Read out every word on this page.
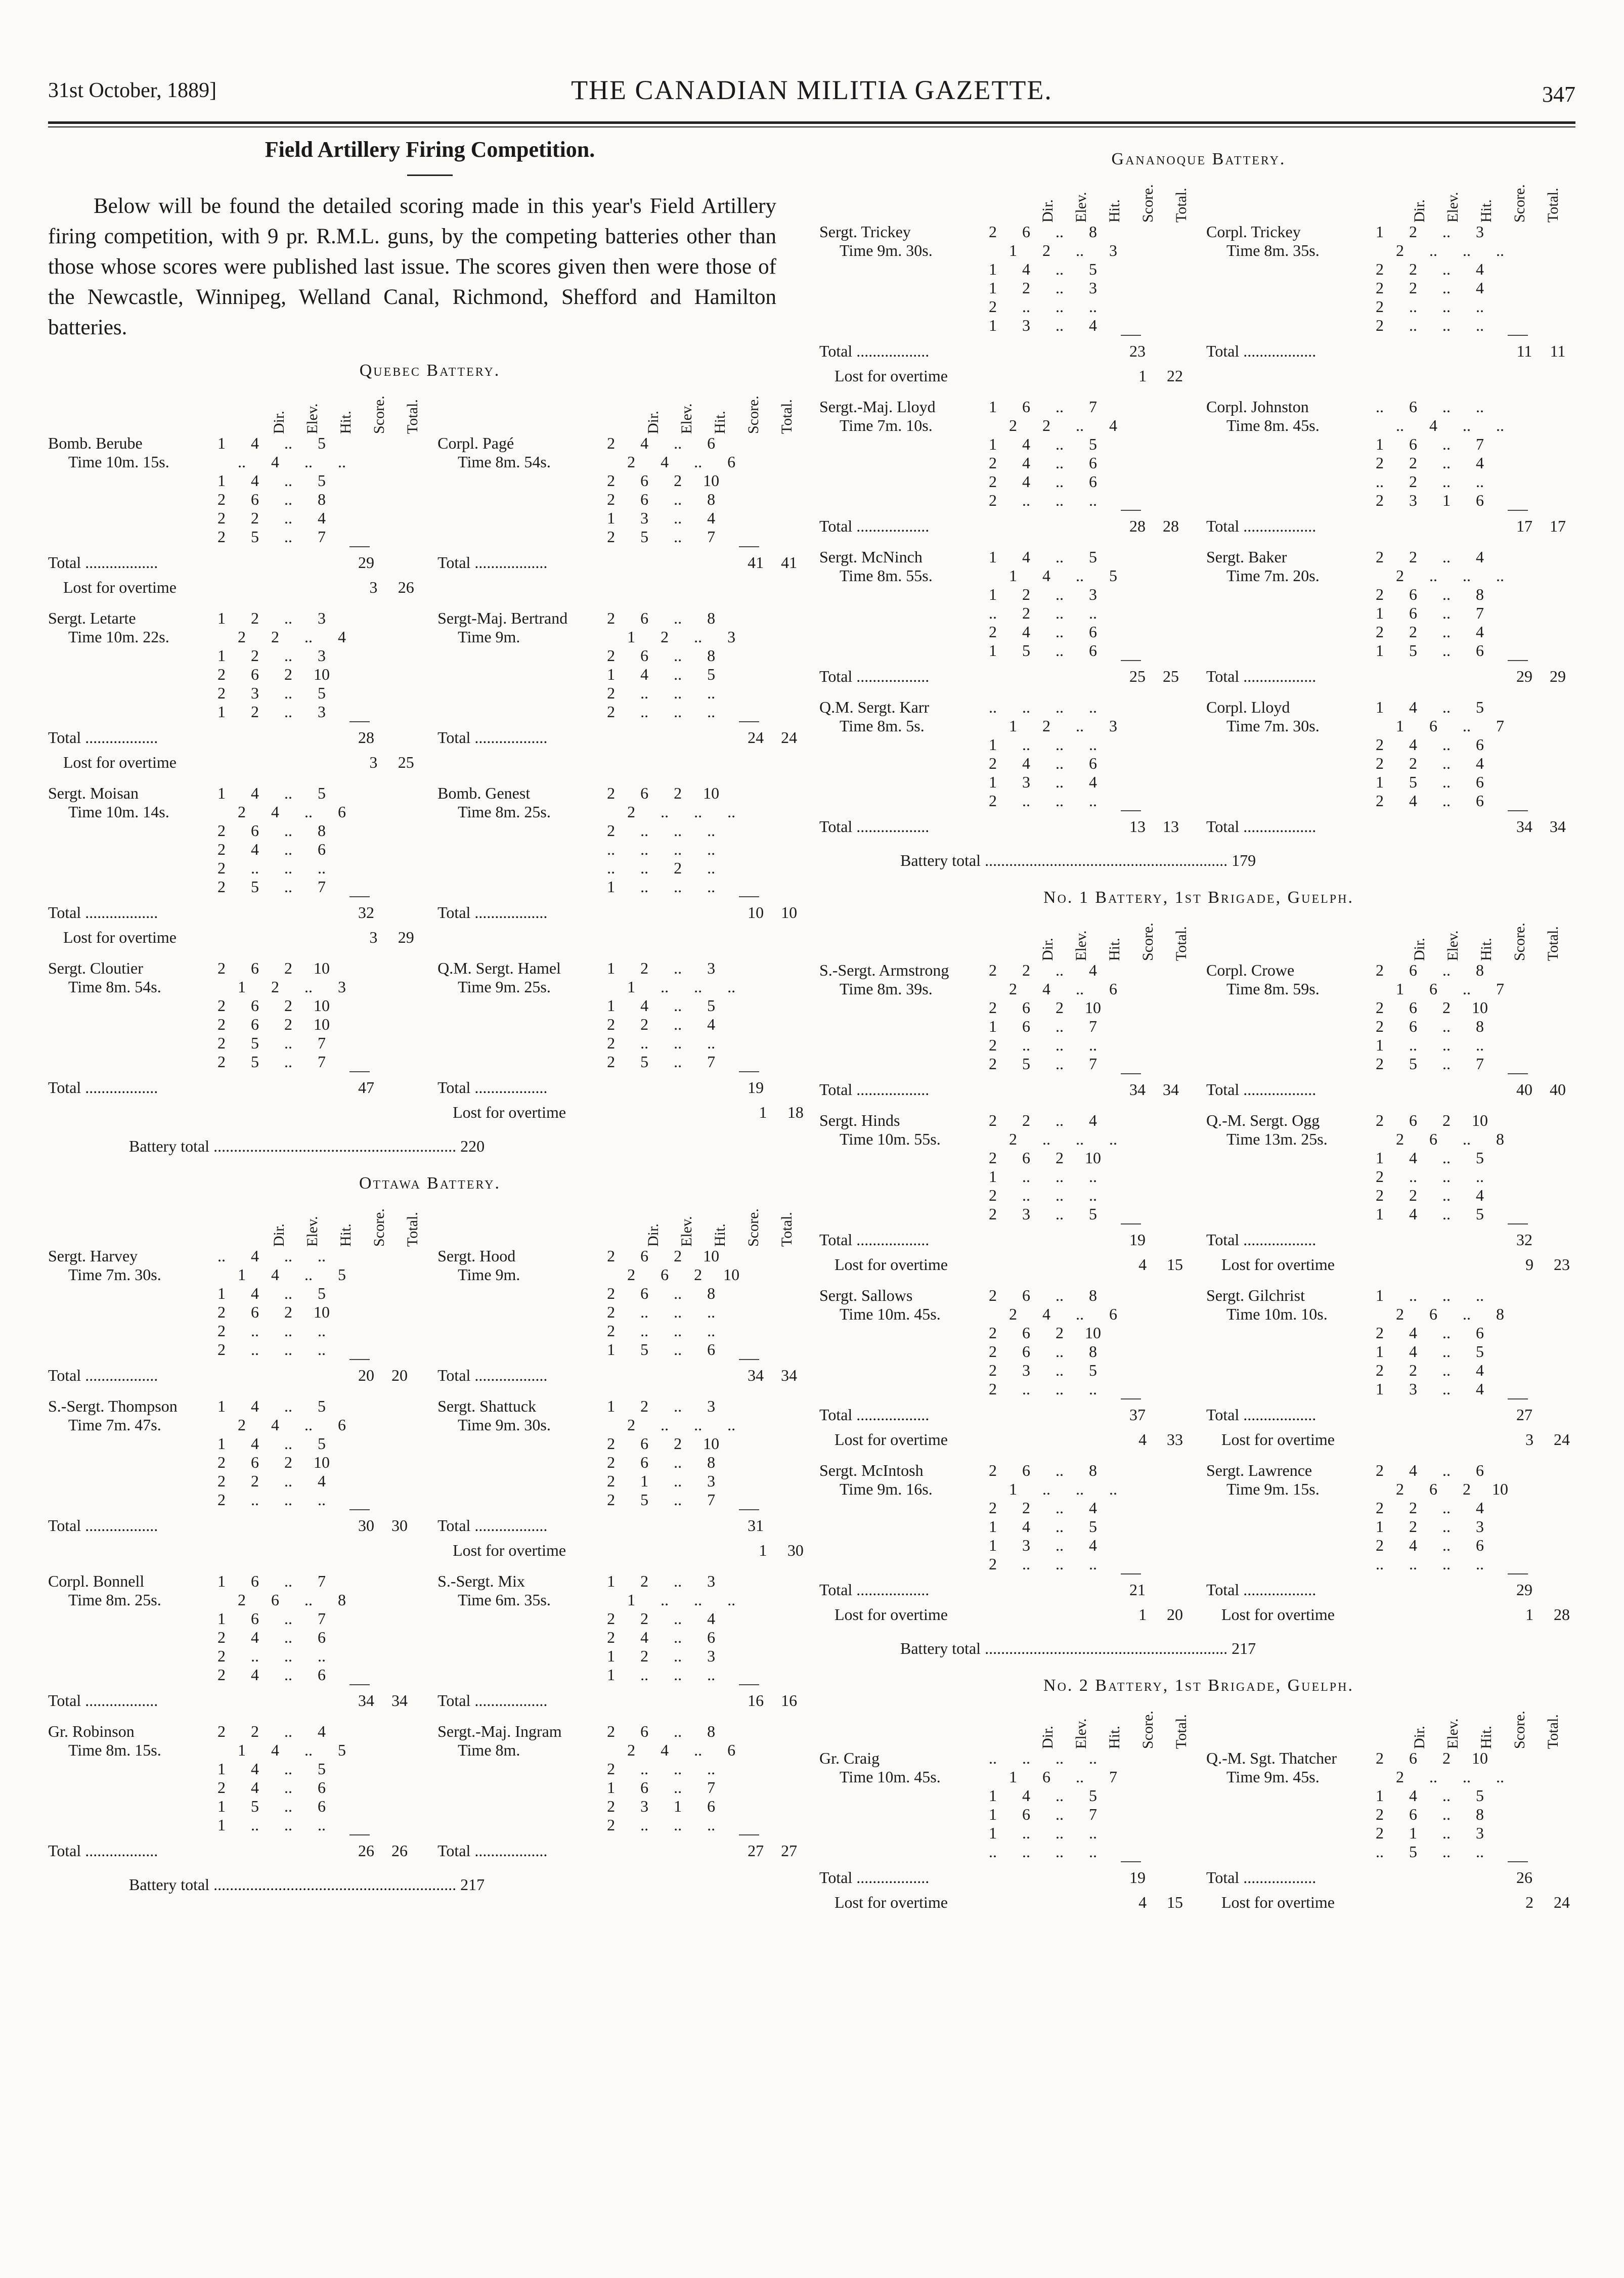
31st October, 1889]	THE CANADIAN MILITIA GAZETTE.	347
Field Artillery Firing Competition.

Below will be found the detailed scoring made in this year's Field Artillery firing competition, with 9 pr. R.M.L. guns, by the competing batteries other than those whose scores were published last issue. The scores given then were those of the Newcastle, Winnipeg, Welland Canal, Richmond, Shefford and Hamilton batteries.

Quebec Battery.
Dir.	Elev.	Hit.	Score.	Total.	Dir.	Elev.	Hit.	Score.	Total.
Bomb. Berube	1	4	..	5
Time 10m. 15s.	..	4	..	..
1	4	..	5
2	6	..	8
2	2	..	4
2	5	..	7
Total ..................	29
Lost for overtime	3	26
Corpl. Pagé	2	4	..	6
Time 8m. 54s.	2	4	..	6
2	6	2	10
2	6	..	8
1	3	..	4
2	5	..	7
Total ..................	41	41
Sergt. Letarte	1	2	..	3
Time 10m. 22s.	2	2	..	4
1	2	..	3
2	6	2	10
2	3	..	5
1	2	..	3
Total ..................	28
Lost for overtime	3	25
Sergt-Maj. Bertrand	2	6	..	8
Time 9m.	1	2	..	3
2	6	..	8
1	4	..	5
2	..	..	..
2	..	..	..
Total ..................	24	24
Sergt. Moisan	1	4	..	5
Time 10m. 14s.	2	4	..	6
2	6	..	8
2	4	..	6
2	..	..	..
2	5	..	7
Total ..................	32
Lost for overtime	3	29
Bomb. Genest	2	6	2	10
Time 8m. 25s.	2	..	..	..
2	..	..	..
..	..	..	..
..	..	2	..
1	..	..	..
Total ..................	10	10
Sergt. Cloutier	2	6	2	10
Time 8m. 54s.	1	2	..	3
2	6	2	10
2	6	2	10
2	5	..	7
2	5	..	7
Total ..................	47
Q.M. Sergt. Hamel	1	2	..	3
Time 9m. 25s.	1	..	..	..
1	4	..	5
2	2	..	4
2	..	..	..
2	5	..	7
Total ..................	19
Lost for overtime	1	18
Battery total ............................................................ 220
Ottawa Battery.
Dir.	Elev.	Hit.	Score.	Total.	Dir.	Elev.	Hit.	Score.	Total.
Sergt. Harvey	..	4	..	..
Time 7m. 30s.	1	4	..	5
1	4	..	5
2	6	2	10
2	..	..	..
2	..	..	..
Total ..................	20	20
Sergt. Hood	2	6	2	10
Time 9m.	2	6	2	10
2	6	..	8
2	..	..	..
2	..	..	..
1	5	..	6
Total ..................	34	34
S.-Sergt. Thompson	1	4	..	5
Time 7m. 47s.	2	4	..	6
1	4	..	5
2	6	2	10
2	2	..	4
2	..	..	..
Total ..................	30	30
Sergt. Shattuck	1	2	..	3
Time 9m. 30s.	2	..	..	..
2	6	2	10
2	6	..	8
2	1	..	3
2	5	..	7
Total ..................	31
Lost for overtime	1	30
Corpl. Bonnell	1	6	..	7
Time 8m. 25s.	2	6	..	8
1	6	..	7
2	4	..	6
2	..	..	..
2	4	..	6
Total ..................	34	34
S.-Sergt. Mix	1	2	..	3
Time 6m. 35s.	1	..	..	..
2	2	..	4
2	4	..	6
1	2	..	3
1	..	..	..
Total ..................	16	16
Gr. Robinson	2	2	..	4
Time 8m. 15s.	1	4	..	5
1	4	..	5
2	4	..	6
1	5	..	6
1	..	..	..
Total ..................	26	26
Sergt.-Maj. Ingram	2	6	..	8
Time 8m.	2	4	..	6
2	..	..	..
1	6	..	7
2	3	1	6
2	..	..	..
Total ..................	27	27
Battery total ............................................................ 217
Gananoque Battery.
Dir.	Elev.	Hit.	Score.	Total.	Dir.	Elev.	Hit.	Score.	Total.
Sergt. Trickey	2	6	..	8
Time 9m. 30s.	1	2	..	3
1	4	..	5
1	2	..	3
2	..	..	..
1	3	..	4
Total ..................	23
Lost for overtime	1	22
Corpl. Trickey	1	2	..	3
Time 8m. 35s.	2	..	..	..
2	2	..	4
2	2	..	4
2	..	..	..
2	..	..	..
Total ..................	11	11
Sergt.-Maj. Lloyd	1	6	..	7
Time 7m. 10s.	2	2	..	4
1	4	..	5
2	4	..	6
2	4	..	6
2	..	..	..
Total ..................	28	28
Corpl. Johnston	..	6	..	..
Time 8m. 45s.	..	4	..	..
1	6	..	7
2	2	..	4
..	2	..	..
2	3	1	6
Total ..................	17	17
Sergt. McNinch	1	4	..	5
Time 8m. 55s.	1	4	..	5
1	2	..	3
..	2	..	..
2	4	..	6
1	5	..	6
Total ..................	25	25
Sergt. Baker	2	2	..	4
Time 7m. 20s.	2	..	..	..
2	6	..	8
1	6	..	7
2	2	..	4
1	5	..	6
Total ..................	29	29
Q.M. Sergt. Karr	..	..	..	..
Time 8m. 5s.	1	2	..	3
1	..	..	..
2	4	..	6
1	3	..	4
2	..	..	..
Total ..................	13	13
Corpl. Lloyd	1	4	..	5
Time 7m. 30s.	1	6	..	7
2	4	..	6
2	2	..	4
1	5	..	6
2	4	..	6
Total ..................	34	34
Battery total ............................................................ 179
No. 1 Battery, 1st Brigade, Guelph.
Dir.	Elev.	Hit.	Score.	Total.	Dir.	Elev.	Hit.	Score.	Total.
S.-Sergt. Armstrong	2	2	..	4
Time 8m. 39s.	2	4	..	6
2	6	2	10
1	6	..	7
2	..	..	..
2	5	..	7
Total ..................	34	34
Corpl. Crowe	2	6	..	8
Time 8m. 59s.	1	6	..	7
2	6	2	10
2	6	..	8
1	..	..	..
2	5	..	7
Total ..................	40	40
Sergt. Hinds	2	2	..	4
Time 10m. 55s.	2	..	..	..
2	6	2	10
1	..	..	..
2	..	..	..
2	3	..	5
Total ..................	19
Lost for overtime	4	15
Q.-M. Sergt. Ogg	2	6	2	10
Time 13m. 25s.	2	6	..	8
1	4	..	5
2	..	..	..
2	2	..	4
1	4	..	5
Total ..................	32
Lost for overtime	9	23
Sergt. Sallows	2	6	..	8
Time 10m. 45s.	2	4	..	6
2	6	2	10
2	6	..	8
2	3	..	5
2	..	..	..
Total ..................	37
Lost for overtime	4	33
Sergt. Gilchrist	1	..	..	..
Time 10m. 10s.	2	6	..	8
2	4	..	6
1	4	..	5
2	2	..	4
1	3	..	4
Total ..................	27
Lost for overtime	3	24
Sergt. McIntosh	2	6	..	8
Time 9m. 16s.	1	..	..	..
2	2	..	4
1	4	..	5
1	3	..	4
2	..	..	..
Total ..................	21
Lost for overtime	1	20
Sergt. Lawrence	2	4	..	6
Time 9m. 15s.	2	6	2	10
2	2	..	4
1	2	..	3
2	4	..	6
..	..	..	..
Total ..................	29
Lost for overtime	1	28
Battery total ............................................................ 217
No. 2 Battery, 1st Brigade, Guelph.
Dir.	Elev.	Hit.	Score.	Total.	Dir.	Elev.	Hit.	Score.	Total.
Gr. Craig	..	..	..	..
Time 10m. 45s.	1	6	..	7
1	4	..	5
1	6	..	7
1	..	..	..
..	..	..	..
Total ..................	19
Lost for overtime	4	15
Q.-M. Sgt. Thatcher	2	6	2	10
Time 9m. 45s.	2	..	..	..
1	4	..	5
2	6	..	8
2	1	..	3
..	5	..	..
Total ..................	26
Lost for overtime	2	24
